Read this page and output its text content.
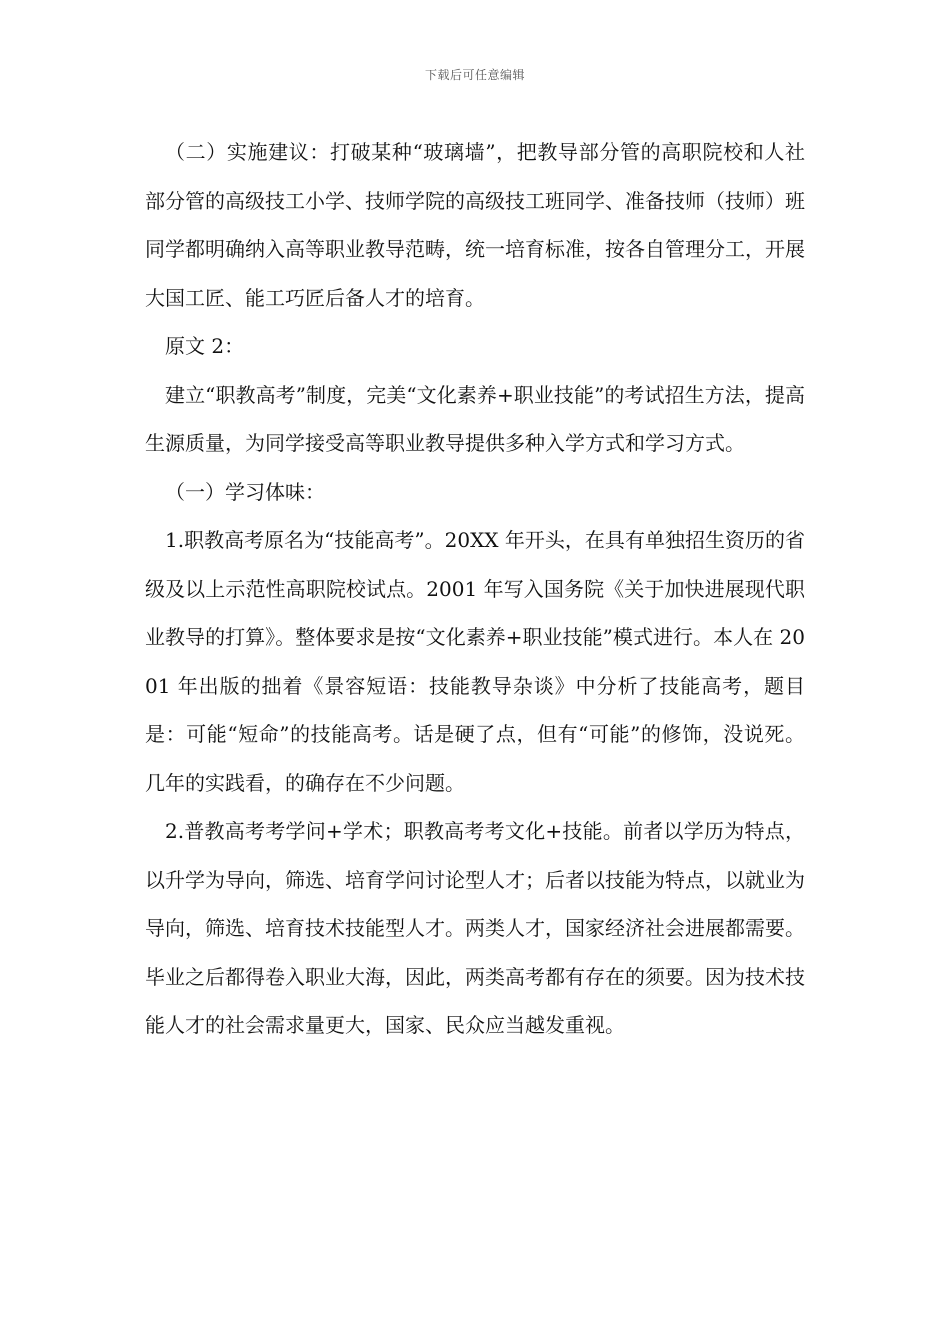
下载后可任意编辑

（二）实施建议：打破某种“玻璃墙”，把教导部分管的高职院校和人社部分管的高级技工小学、技师学院的高级技工班同学、准备技师（技师）班同学都明确纳入高等职业教导范畴，统一培育标准，按各自管理分工，开展大国工匠、能工巧匠后备人才的培育。

原文 2：

建立“职教高考”制度，完美“文化素养+职业技能”的考试招生方法，提高生源质量，为同学接受高等职业教导提供多种入学方式和学习方式。

（一）学习体味：

1.职教高考原名为“技能高考”。20XX 年开头，在具有单独招生资历的省级及以上示范性高职院校试点。2001 年写入国务院《关于加快进展现代职业教导的打算》。整体要求是按“文化素养+职业技能”模式进行。本人在 2001 年出版的拙着《景容短语：技能教导杂谈》中分析了技能高考，题目是：可能“短命”的技能高考。话是硬了点，但有“可能”的修饰，没说死。几年的实践看，的确存在不少问题。

2.普教高考考学问+学术；职教高考考文化+技能。前者以学历为特点，以升学为导向，筛选、培育学问讨论型人才；后者以技能为特点，以就业为导向，筛选、培育技术技能型人才。两类人才，国家经济社会进展都需要。毕业之后都得卷入职业大海，因此，两类高考都有存在的须要。因为技术技能人才的社会需求量更大，国家、民众应当越发重视。
